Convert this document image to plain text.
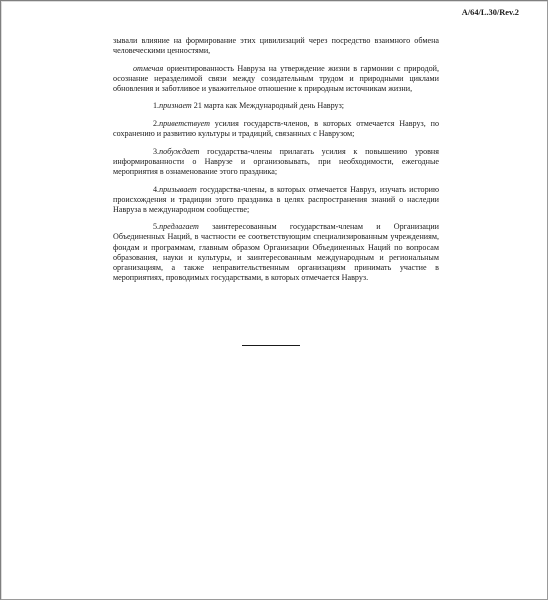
A/64/L.30/Rev.2

зывали влияние на формирование этих цивилизаций через посредство взаимного обмена человеческими ценностями,

отмечая ориентированность Навруза на утверждение жизни в гармонии с природой, осознание неразделимой связи между созидательным трудом и природными циклами обновления и заботливое и уважительное отношение к природным источникам жизни,

1.признает 21 марта как Международный день Навруз;

2.приветствует усилия государств-членов, в которых отмечается Навруз, по сохранению и развитию культуры и традиций, связанных с Наврузом;

3.побуждает государства-члены прилагать усилия к повышению уровня информированности о Наврузе и организовывать, при необходимости, ежегодные мероприятия в ознаменование этого праздника;

4.призывает государства-члены, в которых отмечается Навруз, изучать историю происхождения и традиции этого праздника в целях распространения знаний о наследии Навруза в международном сообществе;

5.предлагает заинтересованным государствам-членам и Организации Объединенных Наций, в частности ее соответствующим специализированным учреждениям, фондам и программам, главным образом Организации Объединенных Наций по вопросам образования, науки и культуры, и заинтересованным международным и региональным организациям, а также неправительственным организациям принимать участие в мероприятиях, проводимых государствами, в которых отмечается Навруз.
